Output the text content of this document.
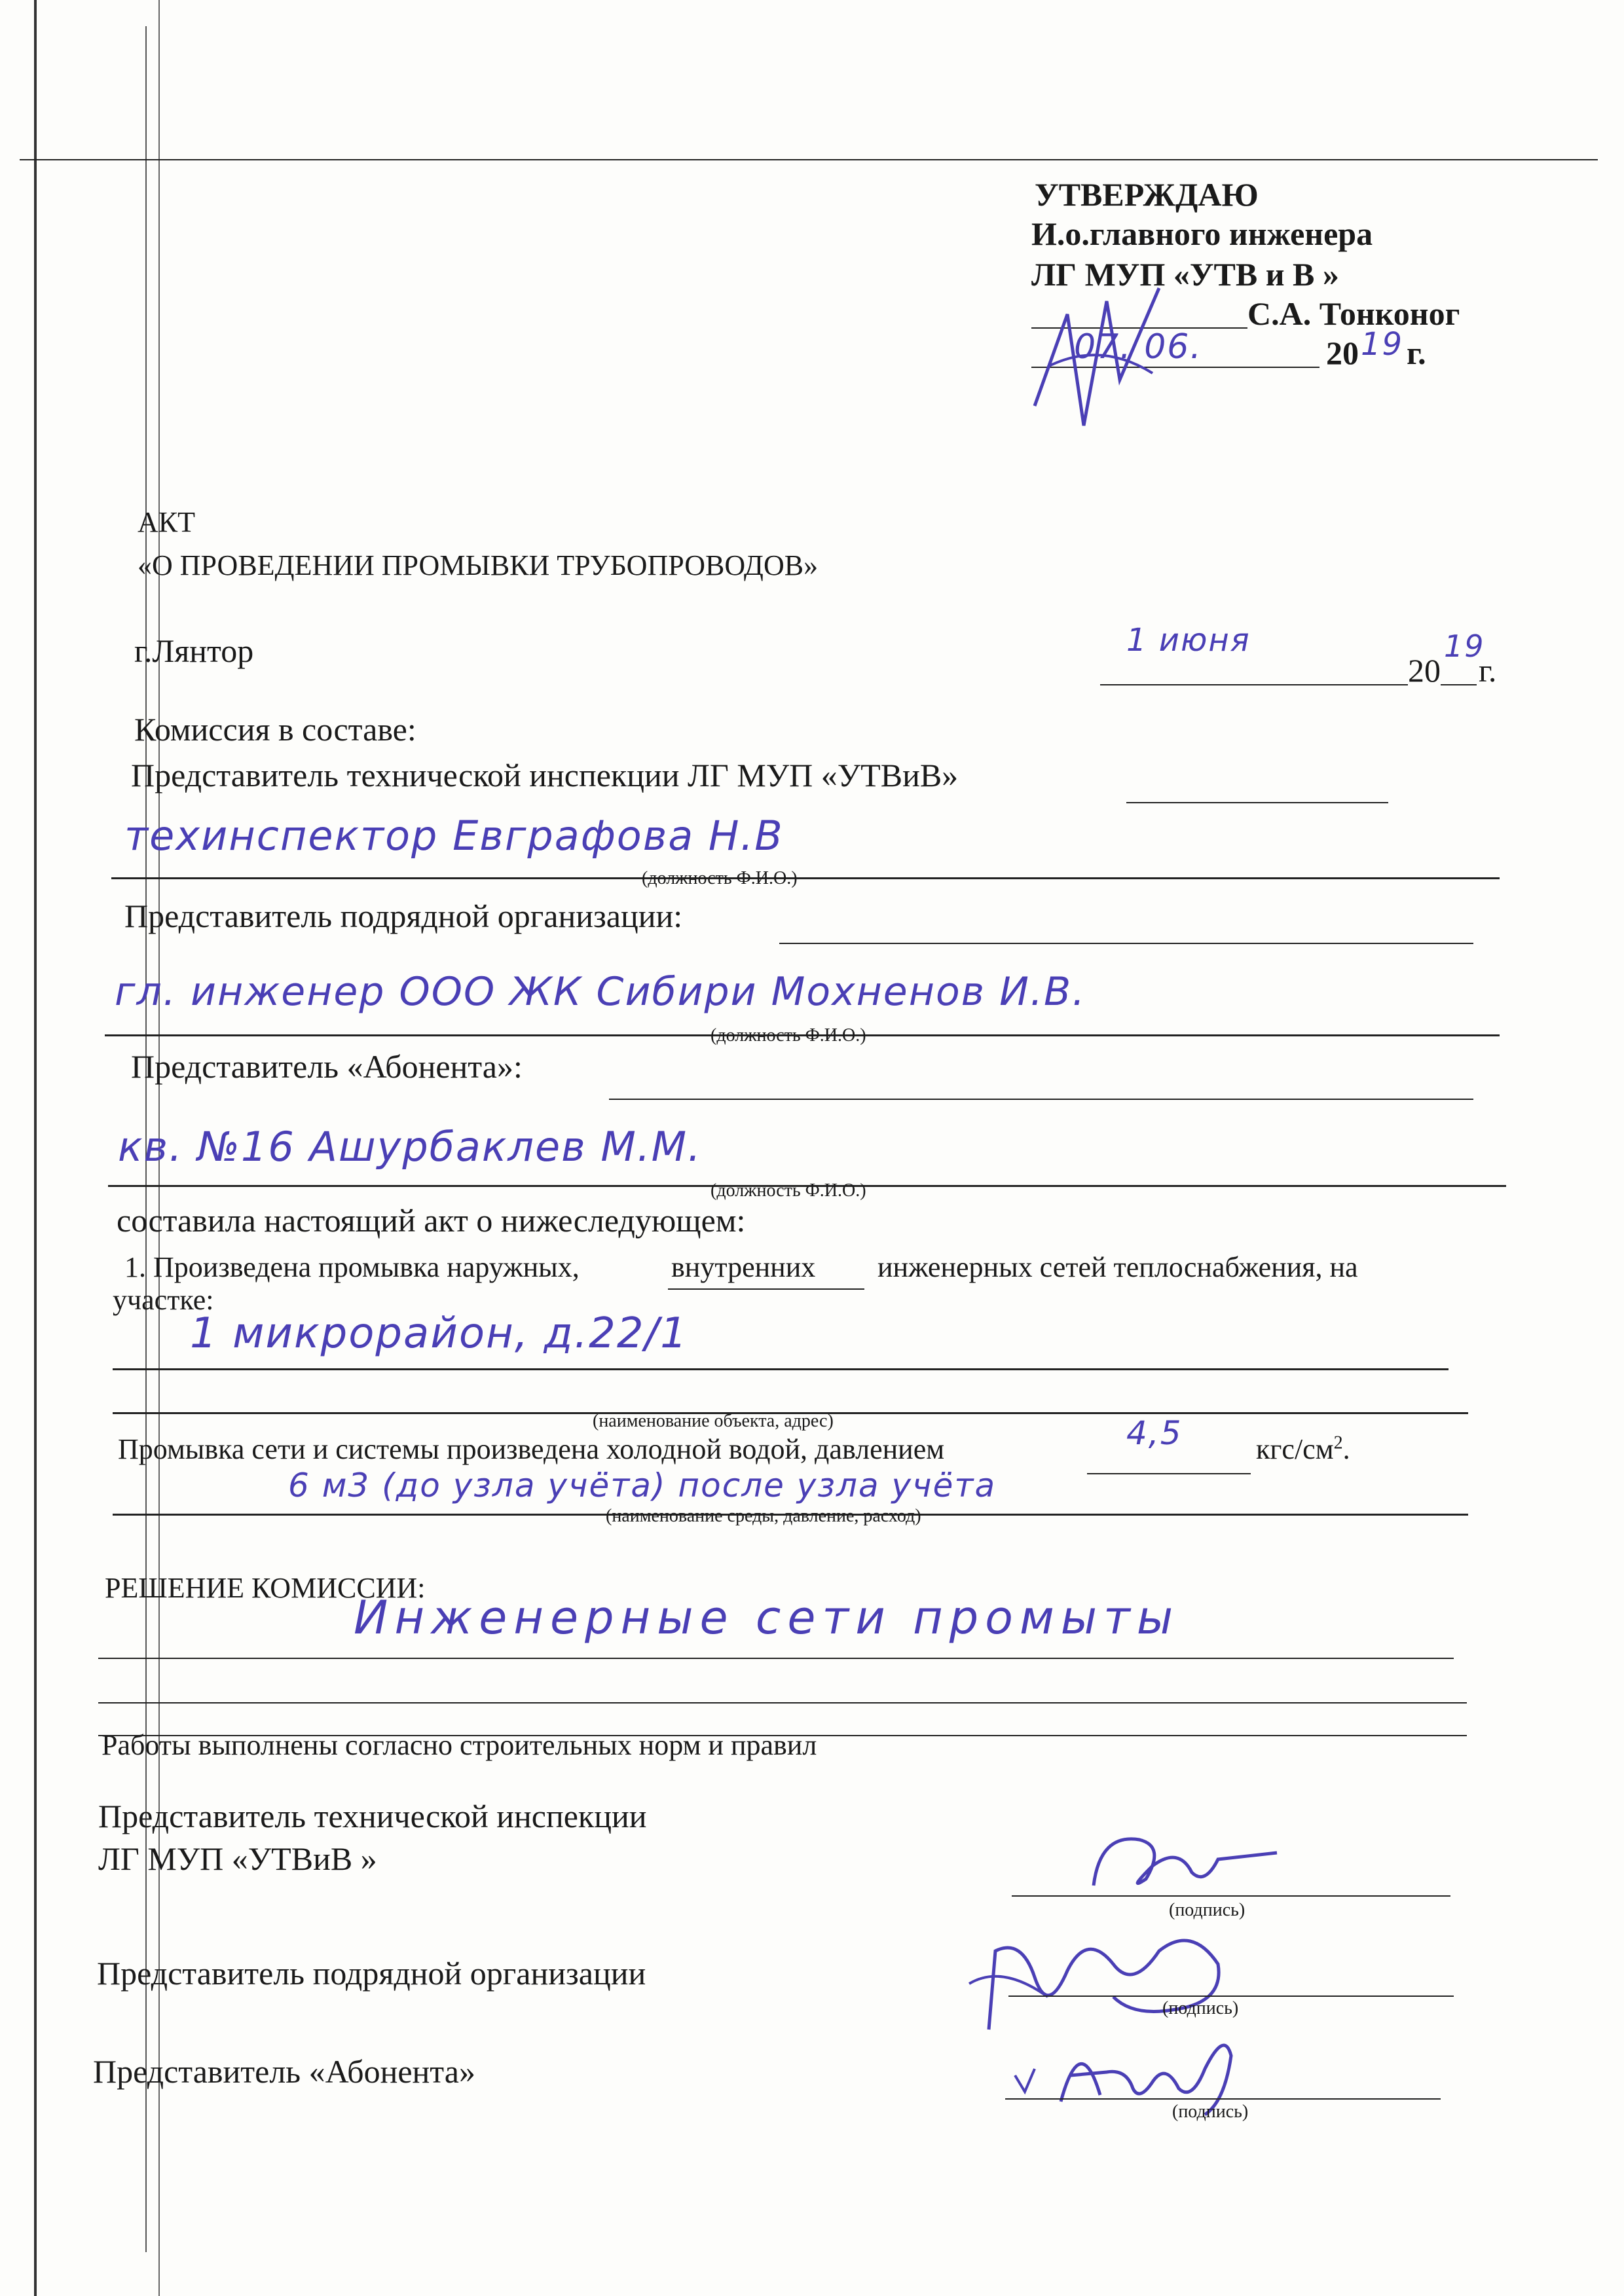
УТВЕРЖДАЮ
И.о.главного инженера
ЛГ МУП «УТВ и В »
С.А. Тонконог
07. 06.	20 19 г.
АКТ
«О ПРОВЕДЕНИИ ПРОМЫВКИ ТРУБОПРОВОДОВ»
г.Лянтор	1 июня
20
19
г.
Комиссия в составе:
Представитель технической инспекции ЛГ МУП «УТВиВ»
техинспектор Евграфова Н.В
(должность Ф.И.О.)
Представитель подрядной организации:
гл. инженер ООО ЖК Сибири Мохненов И.В.
(должность Ф.И.О.)
Представитель «Абонента»:
кв. №16 Ашурбаклев М.М.
(должность Ф.И.О.)
составила настоящий акт о нижеследующем:
1. Произведена промывка наружных,	внутренних инженерных сетей теплоснабжения, на
участке:
1 микрорайон, д.22/1
(наименование объекта, адрес)
Промывка сети и системы произведена холодной водой, давлением	4,5	кгс/$см^2$.
6 м3 (до узла учёта) после узла учёта
(наименование среды, давление, расход)
РЕШЕНИЕ КОМИССИИ:
Инженерные сети промыты
Работы выполнены согласно строительных норм и правил
Представитель технической инспекции
ЛГ МУП «УТВиВ »
(подпись)
Представитель подрядной организации
(подпись)
Представитель «Абонента»
(подпись)
